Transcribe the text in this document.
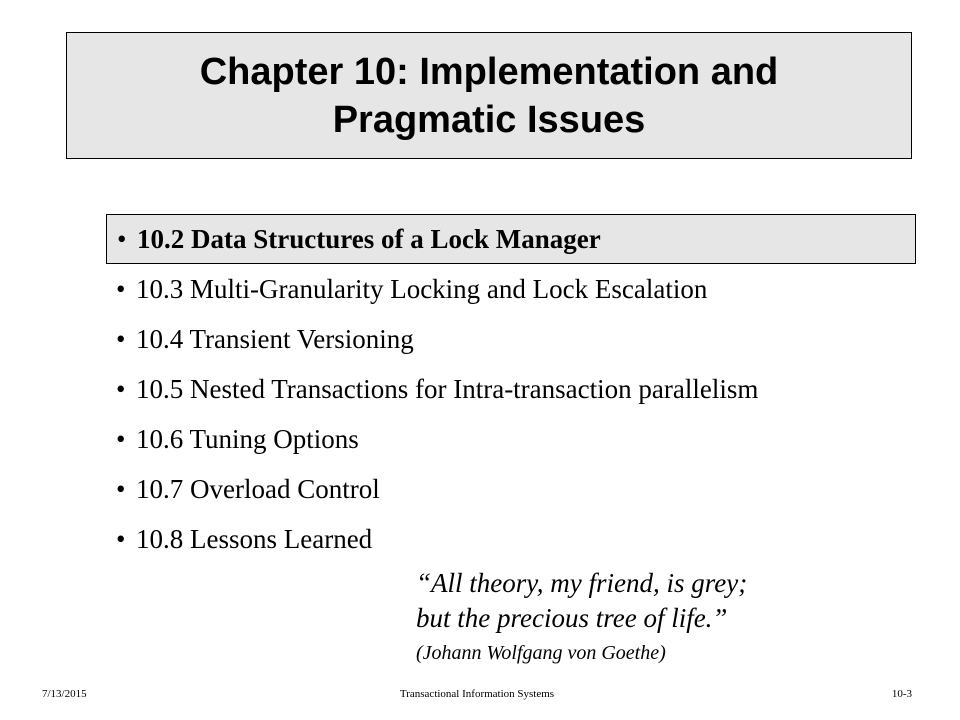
Chapter 10: Implementation and
Pragmatic Issues
• 10.2 Data Structures of a Lock Manager
• 10.3 Multi-Granularity Locking and Lock Escalation
• 10.4 Transient Versioning
• 10.5 Nested Transactions for Intra-transaction parallelism
• 10.6 Tuning Options
• 10.7 Overload Control
• 10.8 Lessons Learned
“All theory, my friend, is grey;
but the precious tree of life.”
(Johann Wolfgang von Goethe)
7/13/2015	Transactional Information Systems	10-3
